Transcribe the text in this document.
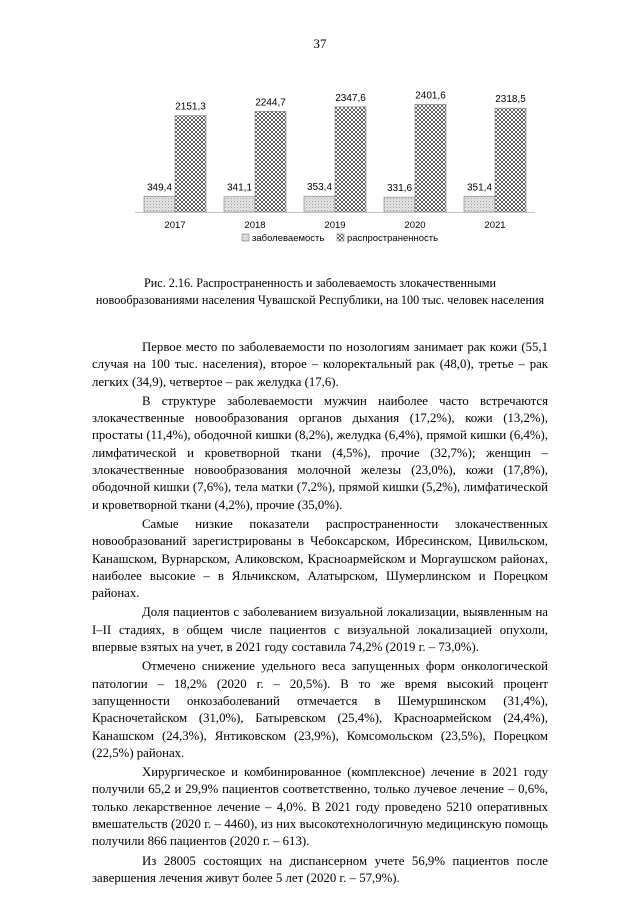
37
349,4
2151,3
341,1
2244,7
353,4
2347,6
331,6
2401,6
351,4
2318,5
2017	2018	2019	2020	2021
заболеваемость распространенность
Рис. 2.16. Распространенность и заболеваемость злокачественными
новообразованиями населения Чувашской Республики, на 100 тыс. человек населения

Первое место по заболеваемости по нозологиям занимает рак кожи (55,1 случая на 100 тыс. населения), второе – колоректальный рак (48,0), третье – рак легких (34,9), четвертое – рак желудка (17,6).

В структуре заболеваемости мужчин наиболее часто встречаются злокачественные новообразования органов дыхания (17,2%), кожи (13,2%), простаты (11,4%), ободочной кишки (8,2%), желудка (6,4%), прямой кишки (6,4%), лимфатической и кроветворной ткани (4,5%), прочие (32,7%); женщин – злокачественные новообразования молочной железы (23,0%), кожи (17,8%), ободочной кишки (7,6%), тела матки (7,2%), прямой кишки (5,2%), лимфатической и кроветворной ткани (4,2%), прочие (35,0%).

Самые низкие показатели распространенности злокачественных новообразований зарегистрированы в Чебоксарском, Ибресинском, Цивильском, Канашском, Вурнарском, Аликовском, Красноармейском и Моргаушском районах, наиболее высокие – в Яльчикском, Алатырском, Шумерлинском и Порецком районах.

Доля пациентов с заболеванием визуальной локализации, выявленным на I–II стадиях, в общем числе пациентов с визуальной локализацией опухоли, впервые взятых на учет, в 2021 году составила 74,2% (2019 г. – 73,0%).

Отмечено снижение удельного веса запущенных форм онкологической патологии – 18,2% (2020 г. – 20,5%). В то же время высокий процент запущенности онкозаболеваний отмечается в Шемуршинском (31,4%), Красночетайском (31,0%), Батыревском (25,4%), Красноармейском (24,4%), Канашском (24,3%), Янтиковском (23,9%), Комсомольском (23,5%), Порецком (22,5%) районах.

Хирургическое и комбинированное (комплексное) лечение в 2021 году получили 65,2 и 29,9% пациентов соответственно, только лучевое лечение – 0,6%, только лекарственное лечение – 4,0%. В 2021 году проведено 5210 оперативных вмешательств (2020 г. – 4460), из них высокотехнологичную медицинскую помощь получили 866 пациентов (2020 г. – 613).

Из 28005 состоящих на диспансерном учете 56,9% пациентов после завершения лечения живут более 5 лет (2020 г. – 57,9%).
